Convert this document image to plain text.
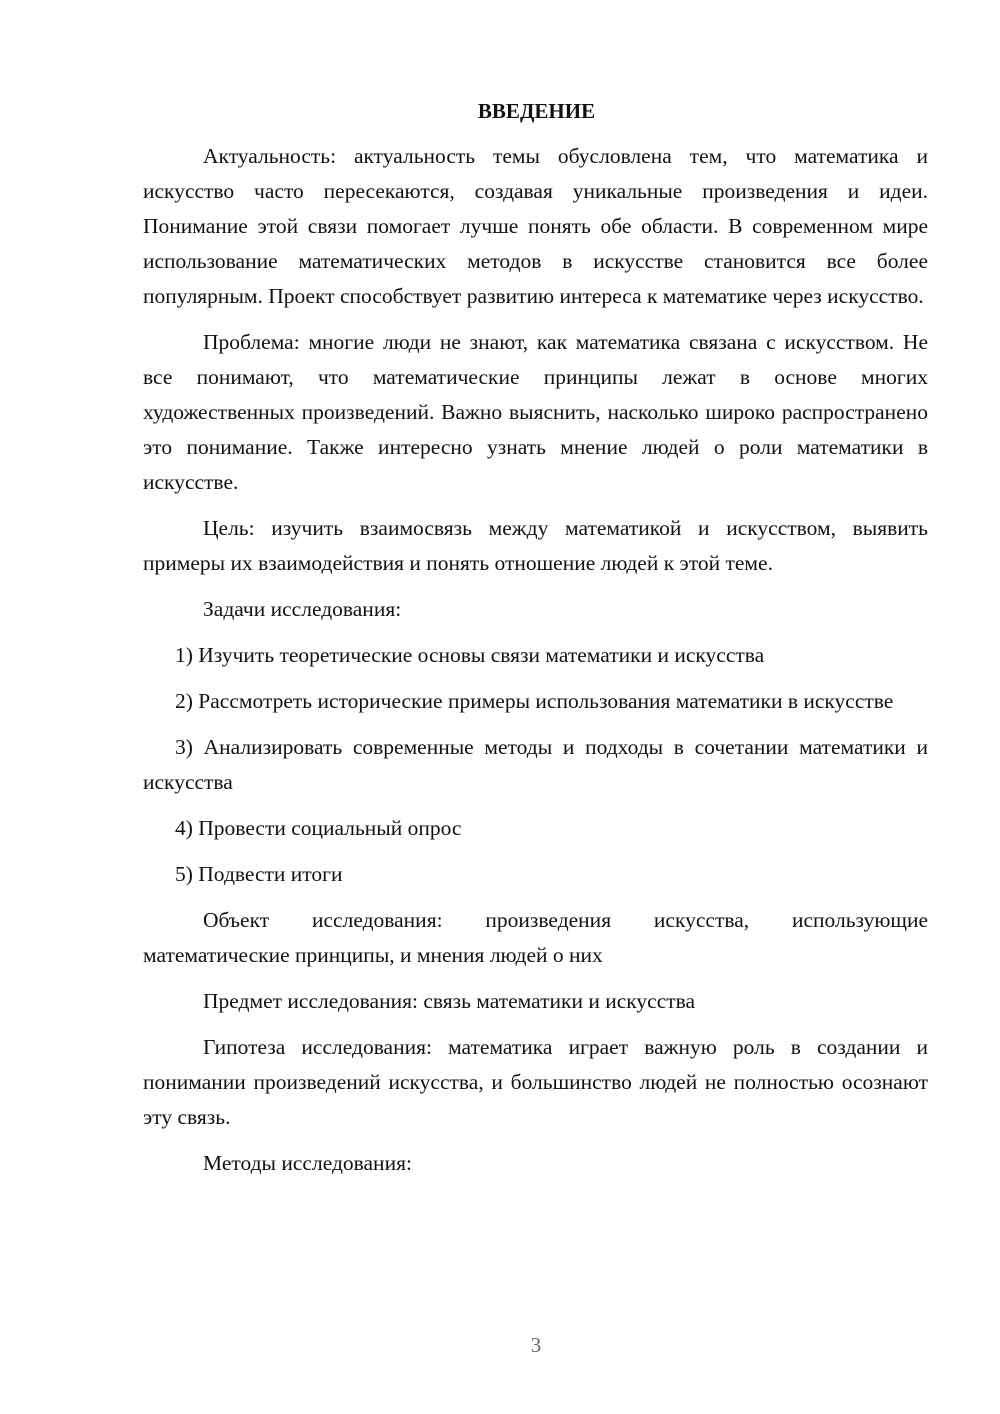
ВВЕДЕНИЕ

Актуальность: актуальность темы обусловлена тем, что математика и искусство часто пересекаются, создавая уникальные произведения и идеи. Понимание этой связи помогает лучше понять обе области. В современном мире использование математических методов в искусстве становится все более популярным. Проект способствует развитию интереса к математике через искусство.

Проблема: многие люди не знают, как математика связана с искусством. Не все понимают, что математические принципы лежат в основе многих художественных произведений. Важно выяснить, насколько широко распространено это понимание. Также интересно узнать мнение людей о роли математики в искусстве.

Цель: изучить взаимосвязь между математикой и искусством, выявить примеры их взаимодействия и понять отношение людей к этой теме.

Задачи исследования:

1) Изучить теоретические основы связи математики и искусства

2) Рассмотреть исторические примеры использования математики в искусстве

3) Анализировать современные методы и подходы в сочетании математики и искусства

4) Провести социальный опрос

5) Подвести итоги

Объект исследования: произведения искусства, использующие математические принципы, и мнения людей о них

Предмет исследования: связь математики и искусства

Гипотеза исследования: математика играет важную роль в создании и понимании произведений искусства, и большинство людей не полностью осознают эту связь.

Методы исследования:

3
